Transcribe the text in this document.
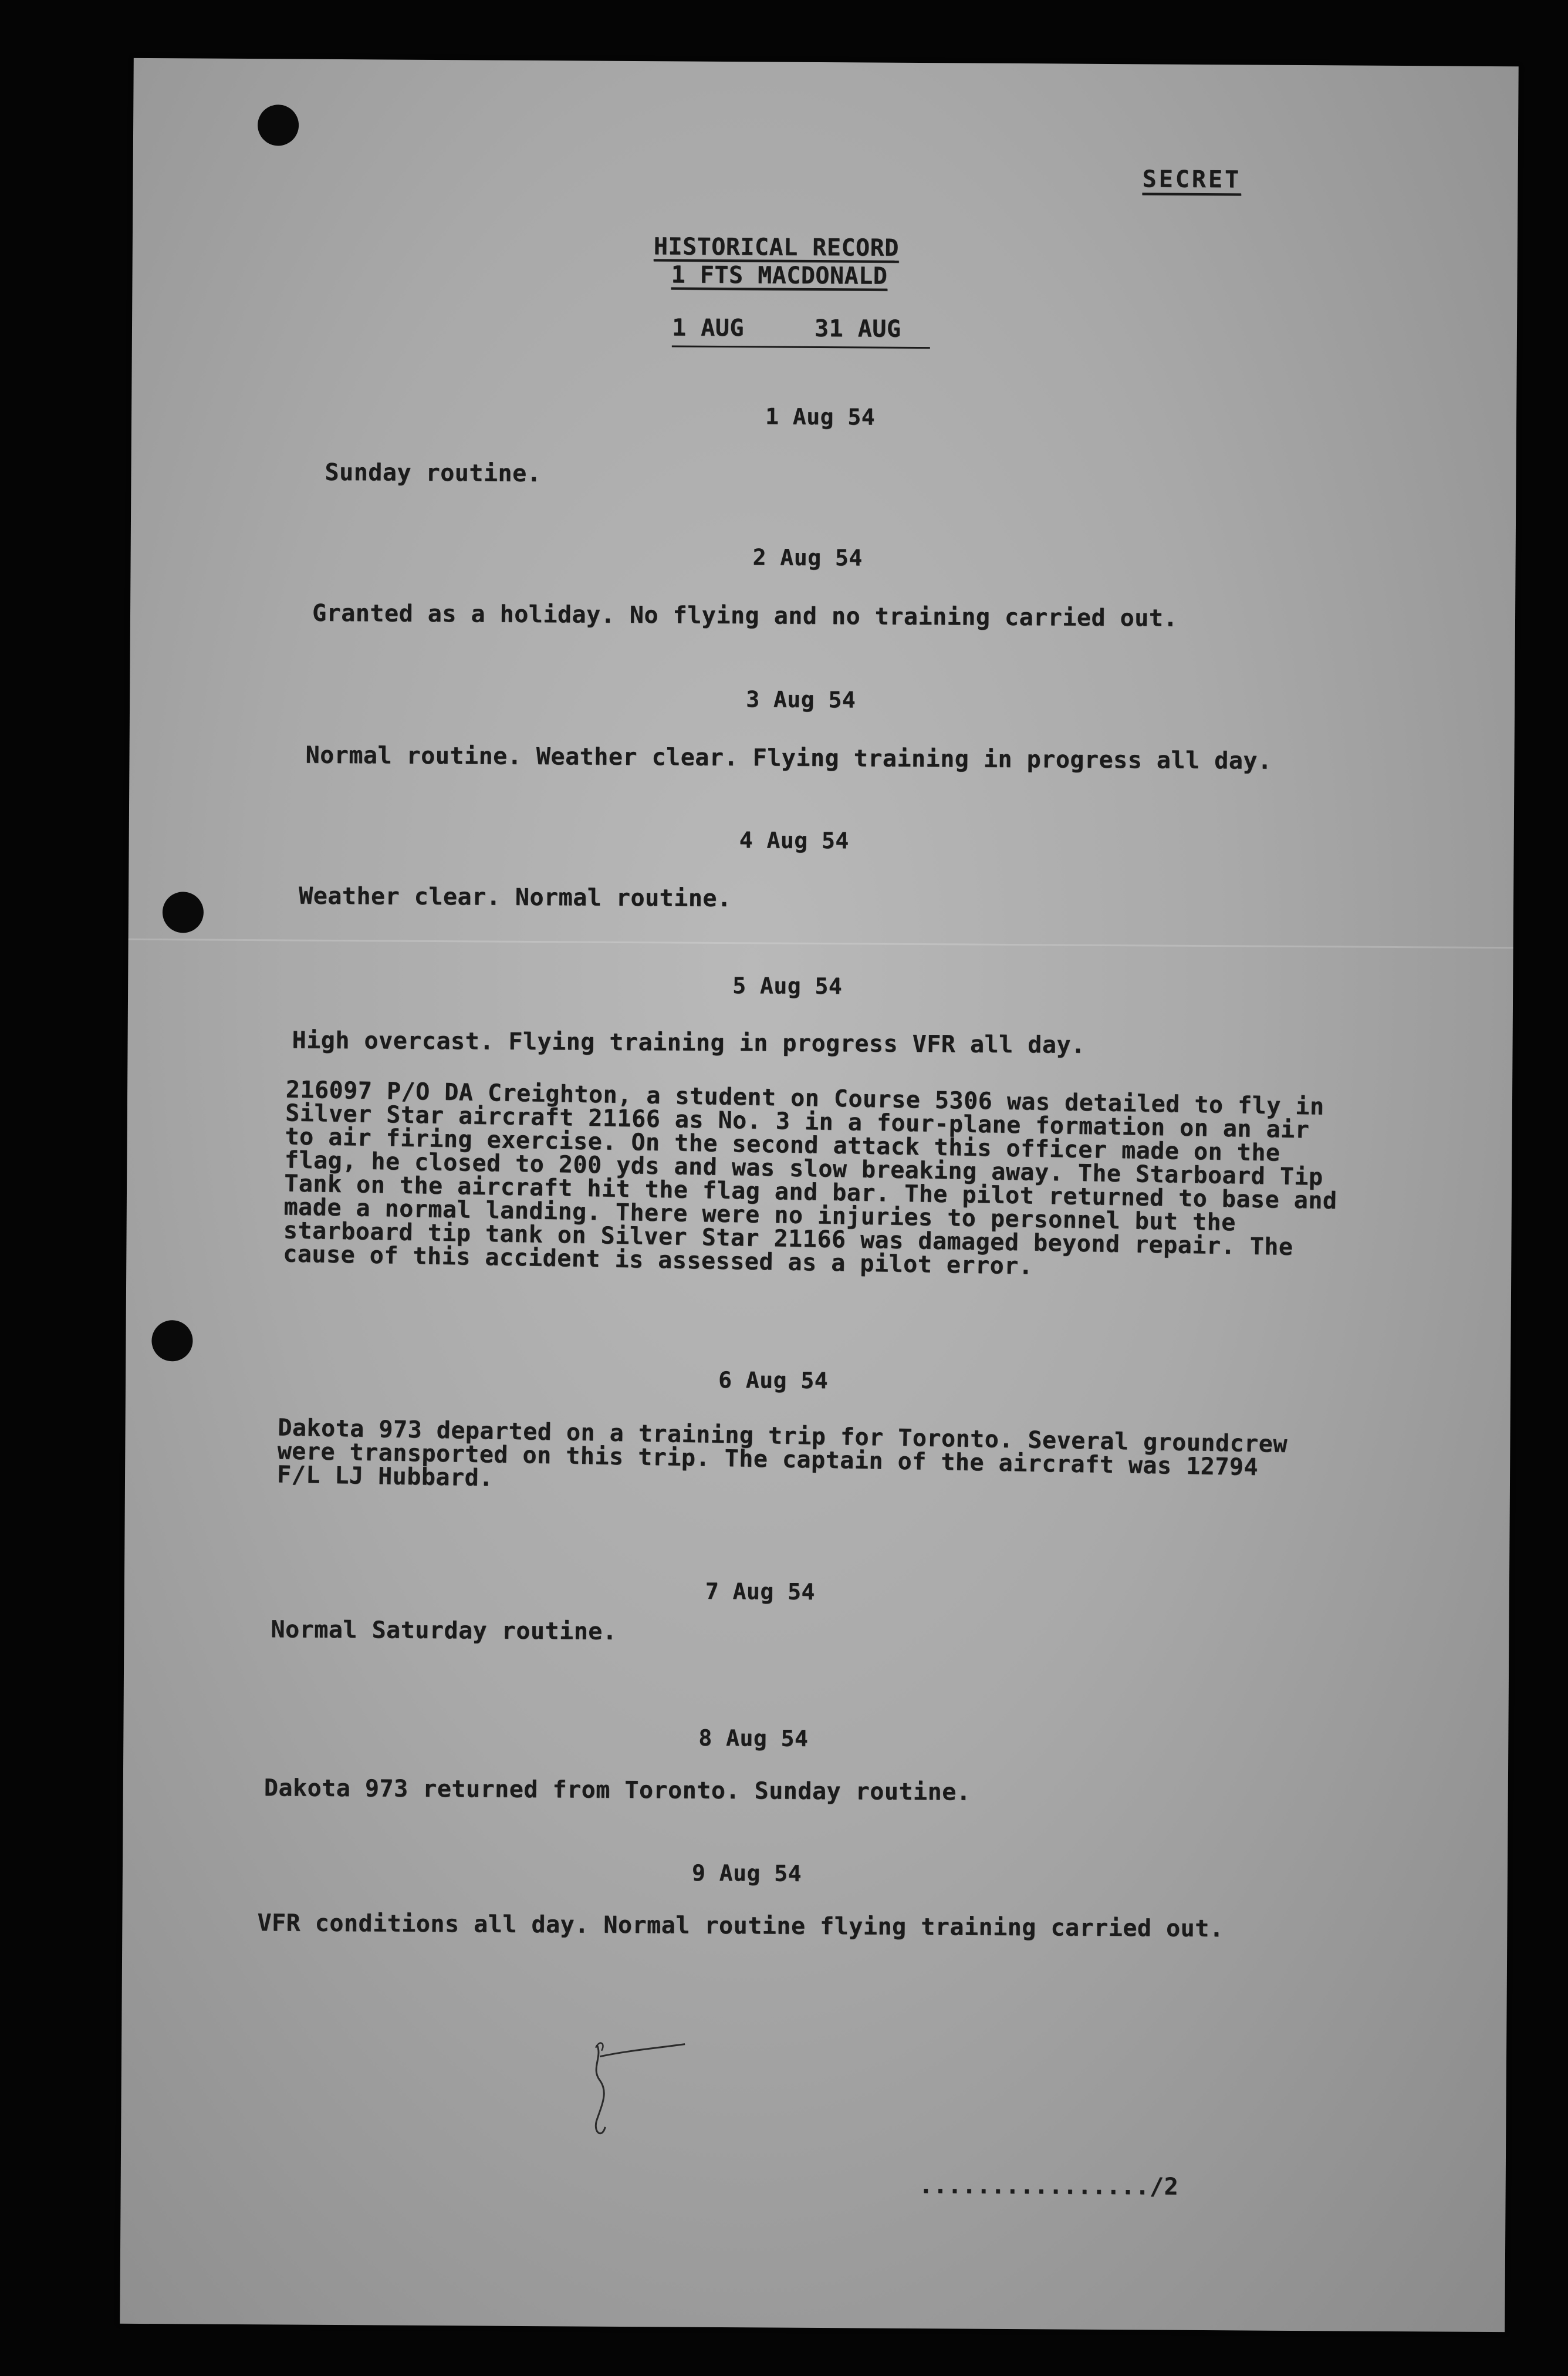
SECRET
HISTORICAL RECORD
1 FTS MACDONALD
1 AUG	31 AUG
1 Aug 54
Sunday routine.
2 Aug 54
Granted as a holiday. No flying and no training carried out.
3 Aug 54
Normal routine. Weather clear. Flying training in progress all day.
4 Aug 54
Weather clear. Normal routine.
5 Aug 54
High overcast. Flying training in progress VFR all day.
216097 P/O DA Creighton, a student on Course 5306 was detailed to fly in Silver Star aircraft 21166 as No. 3 in a four-plane formation on an air to air firing exercise. On the second attack this officer made on the flag, he closed to 200 yds and was slow breaking away. The Starboard Tip Tank on the aircraft hit the flag and bar. The pilot returned to base and made a normal landing. There were no injuries to personnel but the starboard tip tank on Silver Star 21166 was damaged beyond repair. The cause of this accident is assessed as a pilot error.
6 Aug 54
Dakota 973 departed on a training trip for Toronto. Several groundcrew were transported on this trip. The captain of the aircraft was 12794 F/L LJ Hubbard.
7 Aug 54
Normal Saturday routine.
8 Aug 54
Dakota 973 returned from Toronto. Sunday routine.
9 Aug 54
VFR conditions all day. Normal routine flying training carried out.
................/2
